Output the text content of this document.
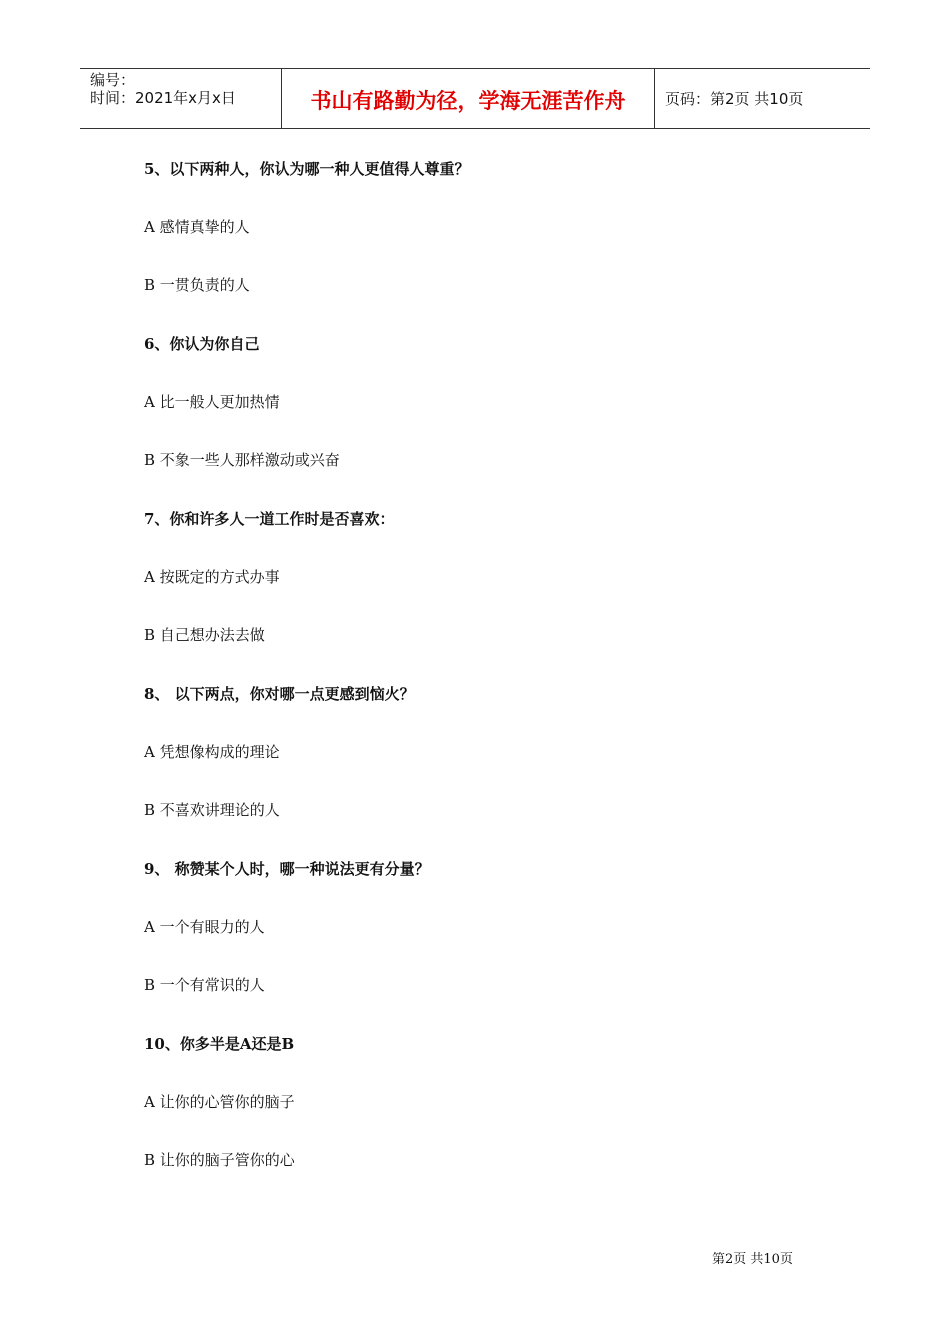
编号：
时间：2021年x月x日	书山有路勤为径，学海无涯苦作舟	页码：第2页 共10页
5、以下两种人，你认为哪一种人更值得人尊重？
A 感情真挚的人
B 一贯负责的人
6、你认为你自己
A 比一般人更加热情
B 不象一些人那样激动或兴奋
7、你和许多人一道工作时是否喜欢：
A 按既定的方式办事
B 自己想办法去做
8、 以下两点，你对哪一点更感到恼火？
A 凭想像构成的理论
B 不喜欢讲理论的人
9、 称赞某个人时，哪一种说法更有分量？
A 一个有眼力的人
B 一个有常识的人
10、你多半是A还是B
A 让你的心管你的脑子
B 让你的脑子管你的心
第2页 共10页
